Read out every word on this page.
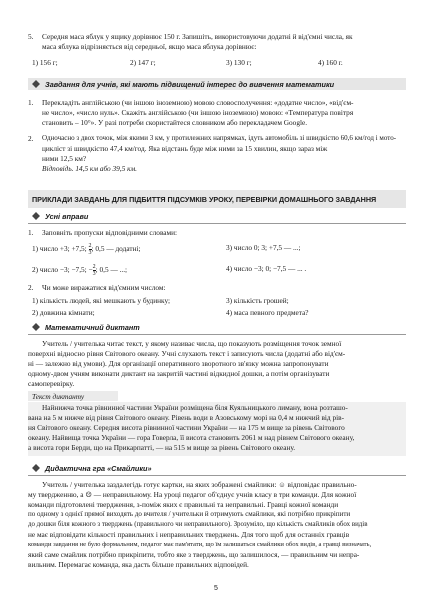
5. Середня маса яблук у ящику дорівнює 150 г. Запишіть, використовуючи додатні й від'ємні числа, як
маса яблука відрізняється від середньої, якщо маса яблука дорівнює:
1) 156 г;	2) 147 г;	3) 130 г;	4) 160 г.
Завдання для учнів, які мають підвищений інтерес до вивчення математики
1. Перекладіть англійською (чи іншою іноземною) мовою словосполучення: «додатне число», «від'єм-
не число», «число нуль». Скажіть англійською (чи іншою іноземною) мовою: «Температура повітря
становить – 10°». У разі потреби скористайтеся словником або перекладачем Google.
2. Одночасно з двох точок, між якими 3 км, у протилежних напрямках, ідуть автомобіль зі швидкістю 60,6 км/год і мото-
цикліст зі швидкістю 47,4 км/год. Яка відстань буде між ними за 15 хвилин, якщо зараз між
ними 12,5 км?
Відповідь. 14,5 км або 39,5 км.
ПРИКЛАДИ ЗАВДАНЬ ДЛЯ ПІДБИТТЯ ПІДСУМКІВ УРОКУ, ПЕРЕВІРКИ ДОМАШНЬОГО ЗАВДАННЯ
Усні вправи
1. Заповніть пропуски відповідними словами:
1) число +3; +7,5; $\frac{2}{3}$ ; 0,5 — додатні;	3) число 0; 3; +7,5 — ...;
2) число −3; −7,5; − $\frac{2}{3}$ ; 0,5 — ...;	4) число −3; 0; −7,5 — ... .
2. Чи може виражатися від'ємним числом:
1) кількість людей, які мешкають у будинку;	3) кількість грошей;
2) довжина кімнати;	4) маса певного предмета?
Математичний диктант
Учитель / учителька читає текст, у якому називає числа, що показують розміщення точок земної
поверхні відносно рівня Світового океану. Учні слухають текст і записують числа (додатні або від'єм-
ні — залежно від умови). Для організації оперативного зворотного зв'язку можна запропонувати
одному-двом учням виконати диктант на закритій частині відкидної дошки, а потім організувати
самоперевірку.
Текст диктанту
Найнижча точка рівнинної частини України розміщена біля Куяльницького лиману, вона розташо-
вана на 5 м нижче від рівня Світового океану. Рівень води в Азовському морі на 0,4 м нижчий від рів-
ня Світового океану. Середня висота рівнинної частини України — на 175 м вище за рівень Світового
океану. Найвища точка України — гора Говерла, її висота становить 2061 м над рівнем Світового океану,
а висота гори Берди, що на Прикарпатті, — на 515 м вище за рівень Світового океану.
Дидактична гра «Смайлики»
Учитель / учителька заздалегідь готує картки, на яких зображені смайлики: ☺ відповідає правильно-
му твердженню, а ☹ — неправильному. На уроці педагог об'єднує учнів класу в три команди. Для кожної
команди підготовлені твердження, з-поміж яких є правильні та неправильні. Гравці кожної команди
по одному з однієї прямої виходять до вчителя / учительки й отримують смайлики, які потрібно прикріпити
до дошки біля кожного з тверджень (правильного чи неправильного). Зрозуміло, що кількість смайликів обох видів
не має відповідати кількості правильних і неправильних тверджень. Для того щоб для останніх гравців
команди завдання не було формальним, педагог має пам'ятати, що їм залишаться смайлики обох видів, а гравці визначать,
який саме смайлик потрібно прикріпити, тобто яке з тверджень, що залишилося, — правильним чи непра-
вильним. Перемагає команда, яка дасть більше правильних відповідей.
5
